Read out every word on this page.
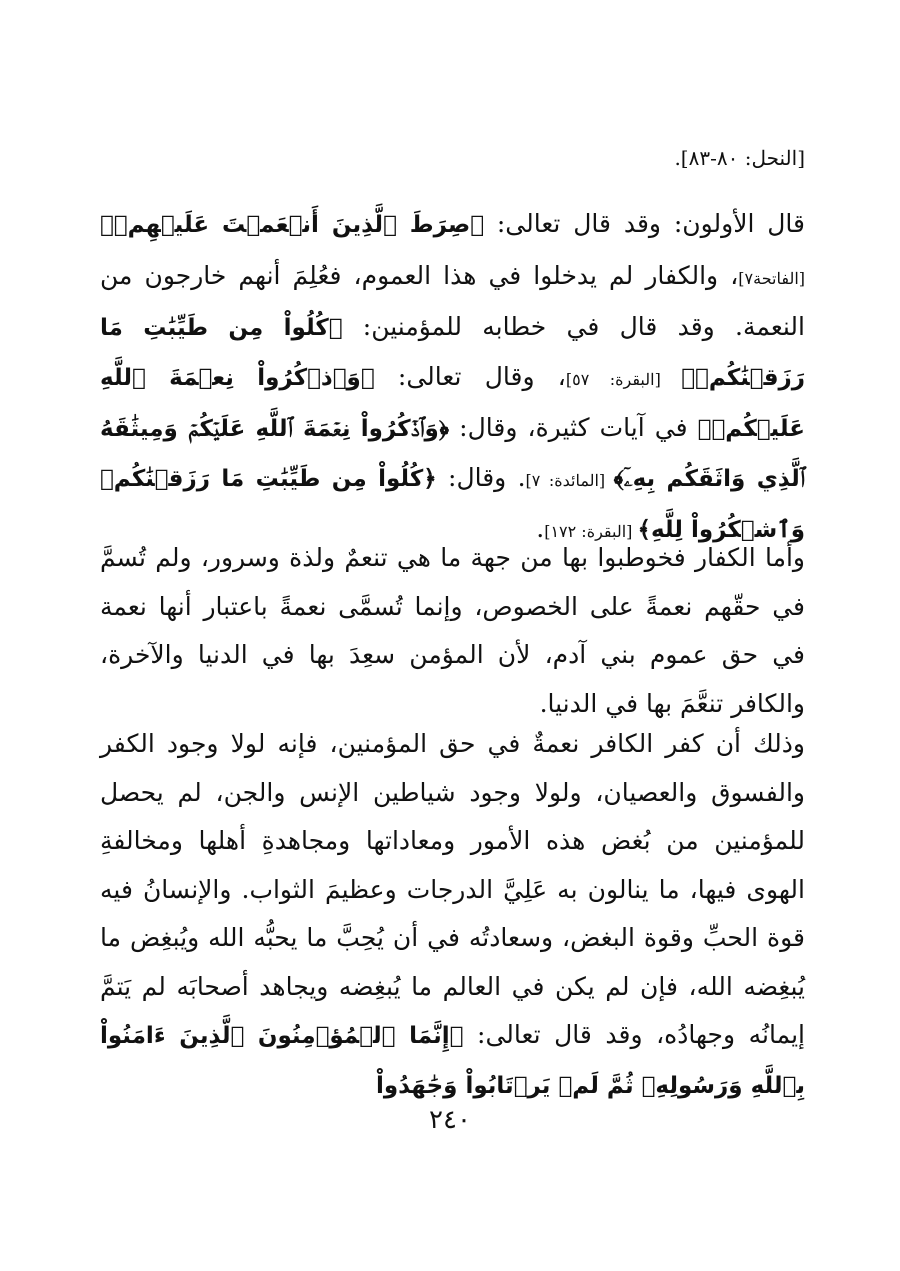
[النحل: ٨٠-٨٣].

قال الأولون: وقد قال تعالى: ﴿صِرَطَ ٱلَّذِينَ أَنۡعَمۡتَ عَلَيۡهِمۡ﴾ [الفاتحة٧]، والكفار لم يدخلوا في هذا العموم، فعُلِمَ أنهم خارجون من النعمة. وقد قال في خطابه للمؤمنين: ﴿كُلُواْ مِن طَيِّبَٰتِ مَا رَزَقۡنَٰكُمۡ﴾ [البقرة: ٥٧]، وقال تعالى: ﴿وَٱذۡكُرُواْ نِعۡمَةَ ٱللَّهِ عَلَيۡكُمۡ﴾ في آيات كثيرة، وقال: ﴿وَٱذۡكُرُواْ نِعۡمَةَ ٱللَّهِ عَلَيۡكُمۡ وَمِيثَٰقَهُ ٱلَّذِي وَاثَقَكُم بِهِۦٓ﴾ [المائدة: ٧]. وقال: ﴿كُلُواْ مِن طَيِّبَٰتِ مَا رَزَقۡنَٰكُمۡ وَٱشۡكُرُواْ لِلَّهِ﴾ [البقرة: ١٧٢].

وأما الكفار فخوطبوا بها من جهة ما هي تنعمٌ ولذة وسرور، ولم تُسمَّ في حقّهم نعمةً على الخصوص، وإنما تُسمَّى نعمةً باعتبار أنها نعمة في حق عموم بني آدم، لأن المؤمن سعِدَ بها في الدنيا والآخرة، والكافر تنعَّمَ بها في الدنيا.

وذلك أن كفر الكافر نعمةٌ في حق المؤمنين، فإنه لولا وجود الكفر والفسوق والعصيان، ولولا وجود شياطين الإنس والجن، لم يحصل للمؤمنين من بُغض هذه الأمور ومعاداتها ومجاهدةِ أهلها ومخالفةِ الهوى فيها، ما ينالون به عَلِيَّ الدرجات وعظيمَ الثواب. والإنسانُ فيه قوة الحبِّ وقوة البغض، وسعادتُه في أن يُحِبَّ ما يحبُّه الله ويُبغِض ما يُبغِضه الله، فإن لم يكن في العالم ما يُبغِضه ويجاهد أصحابَه لم يَتمَّ إيمانُه وجهادُه، وقد قال تعالى: ﴿إِنَّمَا ٱلۡمُؤۡمِنُونَ ٱلَّذِينَ ءَامَنُواْ بِٱللَّهِ وَرَسُولِهِۦ ثُمَّ لَمۡ يَرۡتَابُواْ وَجَٰهَدُواْ

٢٤٠
